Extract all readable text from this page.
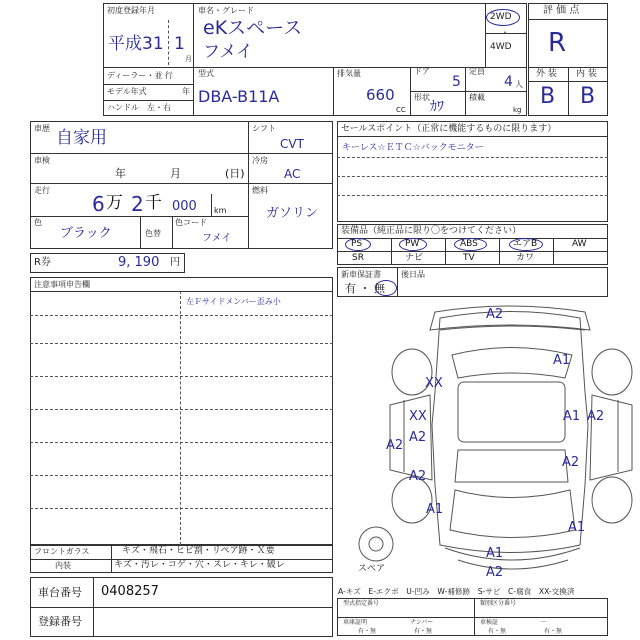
初度登録年月
平成31 1
月
車名・グレード
eKスペース
フメイ
2WD
・
4WD
ディーラー・並 行
モデル年式	年
ハンドル　左・右
型式
DBA-B11A
排気量
660
CC
ドア
5
定員
4 人
形状
ｶﾜ
積載
kg
評 価 点
R
外 装 内 装
B B
車歴 自家用
車検
年	月	(日)
走行
6 万 2 千 000 km
色
ブラック	色替
色コード
フメイ
シフト
CVT
冷房
AC
燃料
ガソリン
R券	9, 190 円
セールスポイント（正常に機能するものに限ります）
キーレス☆ＥＴＣ☆バックモニター
装備品（純正品に限り〇をつけてください）
PS	PW	ABS	エアB	AW
SR	ナビ	TV	カワ
新車保証書
有 ・ 無
後日品
注意事項申告欄
左Ｆサイドメンバー歪み小
フロントガラス	キズ・飛石・ヒビ割・リペア跡・Ｘ要
内装	キズ・汚レ・コゲ・穴・スレ・キレ・破レ
車台番号 0408257
登録番号
A-キズ　E-エクボ　U-凹み　W-補修跡　S-サビ　C-腐食　XX-交換済
型式指定番号	類別区分番号
車庫証明
有・無
ナンバー
有・無
車検証
有・無
一
有・無
スペア
A2
A1
XX
XX	A1 A2
A2
A2
A2
A2
A1
A1
A1
A2
